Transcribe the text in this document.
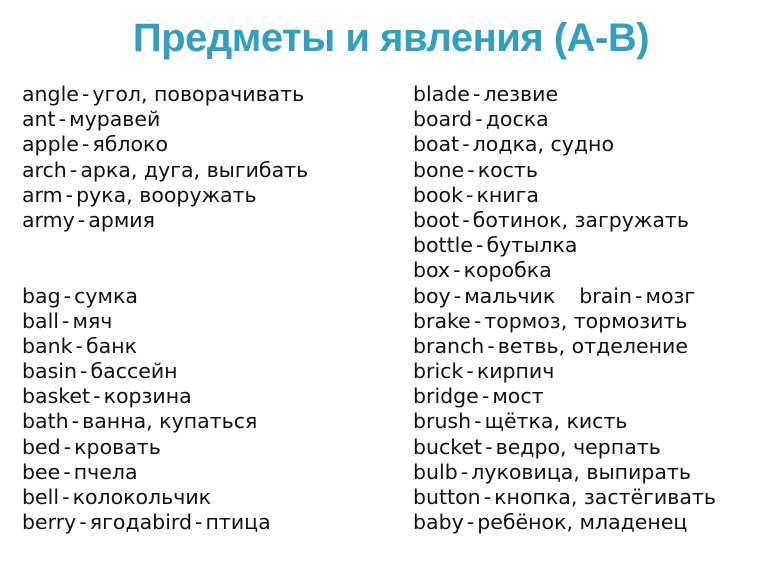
Предметы и явления (A-B)
angle - угол, поворачивать
ant - муравей
apple - яблоко
arch - арка, дуга, выгибать
arm - рука, вооружать
army - армия
bag - сумка
ball - мяч
bank - банк
basin - бассейн
basket - корзина
bath - ванна, купаться
bed - кровать
bee - пчела
bell - колокольчик
berry - ягодаbird - птица
blade - лезвие
board - доска
boat - лодка, судно
bone - кость
book - книга
boot - ботинок, загружать
bottle - бутылка
box - коробка
boy - мальчик brain - мозг
brake - тормоз, тормозить
branch - ветвь, отделение
brick - кирпич
bridge - мост
brush - щётка, кисть
bucket - ведро, черпать
bulb - луковица, выпирать
button - кнопка, застёгивать
baby - ребёнок, младенец
